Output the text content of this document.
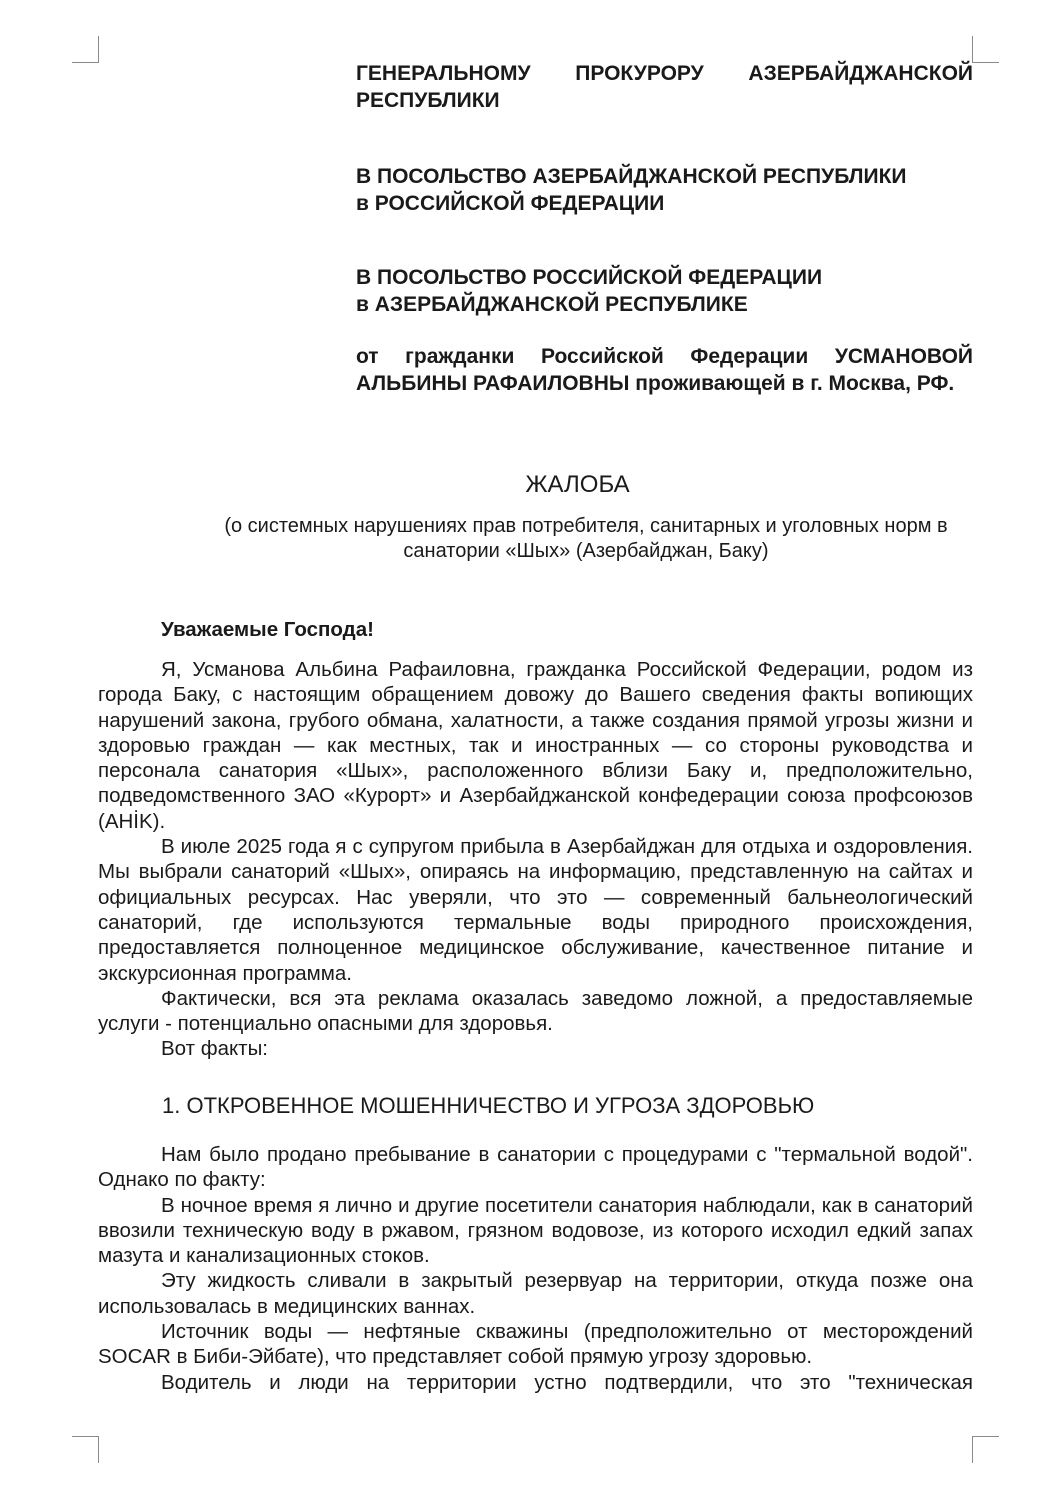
ГЕНЕРАЛЬНОМУ ПРОКУРОРУ АЗЕРБАЙДЖАНСКОЙ
РЕСПУБЛИКИ
В ПОСОЛЬСТВО АЗЕРБАЙДЖАНСКОЙ РЕСПУБЛИКИ
в РОССИЙСКОЙ ФЕДЕРАЦИИ
В ПОСОЛЬСТВО РОССИЙСКОЙ ФЕДЕРАЦИИ
в АЗЕРБАЙДЖАНСКОЙ РЕСПУБЛИКЕ
от гражданки Российской Федерации УСМАНОВОЙ
АЛЬБИНЫ РАФАИЛОВНЫ проживающей в г. Москва, РФ.
ЖАЛОБА
(о системных нарушениях прав потребителя, санитарных и уголовных норм в
санатории «Шых» (Азербайджан, Баку)
Уважаемые Господа!

Я, Усманова Альбина Рафаиловна, гражданка Российской Федерации, родом из города Баку, с настоящим обращением довожу до Вашего сведения факты вопиющих нарушений закона, грубого обмана, халатности, а также создания прямой угрозы жизни и здоровью граждан — как местных, так и иностранных — со стороны руководства и персонала санатория «Шых», расположенного вблизи Баку и, предположительно, подведомственного ЗАО «Курорт» и Азербайджанской конфедерации союза профсоюзов (AHİK).

В июле 2025 года я с супругом прибыла в Азербайджан для отдыха и оздоровления. Мы выбрали санаторий «Шых», опираясь на информацию, представленную на сайтах и официальных ресурсах. Нас уверяли, что это — современный бальнеологический санаторий, где используются термальные воды природного происхождения, предоставляется полноценное медицинское обслуживание, качественное питание и экскурсионная программа.

Фактически, вся эта реклама оказалась заведомо ложной, а предоставляемые услуги - потенциально опасными для здоровья.

Вот факты:

1. ОТКРОВЕННОЕ МОШЕННИЧЕСТВО И УГРОЗА ЗДОРОВЬЮ

Нам было продано пребывание в санатории с процедурами с "термальной водой". Однако по факту:

В ночное время я лично и другие посетители санатория наблюдали, как в санаторий ввозили техническую воду в ржавом, грязном водовозе, из которого исходил едкий запах мазута и канализационных стоков.

Эту жидкость сливали в закрытый резервуар на территории, откуда позже она использовалась в медицинских ваннах.

Источник воды — нефтяные скважины (предположительно от месторождений SOCAR в Биби-Эйбате), что представляет собой прямую угрозу здоровью.

Водитель и люди на территории устно подтвердили, что это "техническая
